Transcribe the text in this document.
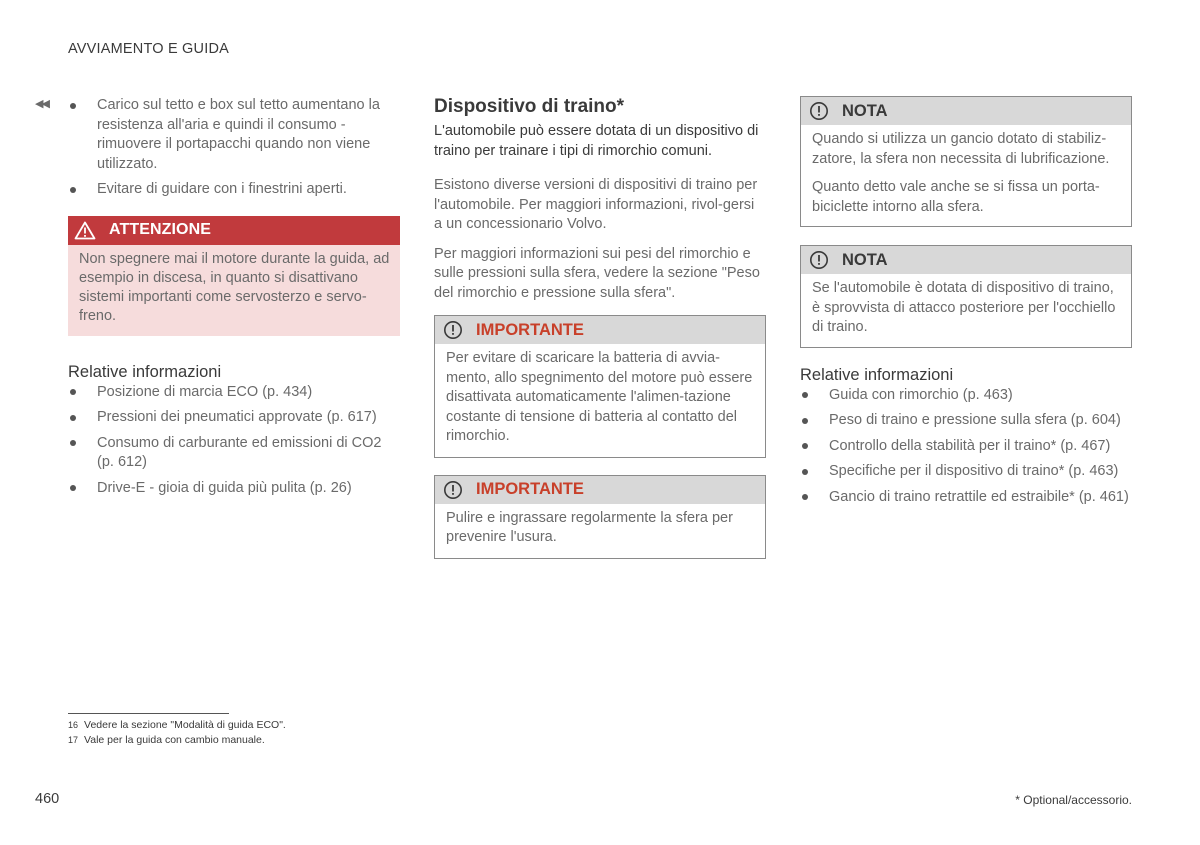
AVVIAMENTO E GUIDA
◀◀	Carico sul tetto e box sul tetto aumentano la resistenza all'aria e quindi il consumo - rimuovere il portapacchi quando non viene utilizzato.
Evitare di guidare con i finestrini aperti.
ATTENZIONE
Non spegnere mai il motore durante la guida, ad esempio in discesa, in quanto si disattivano sistemi importanti come servosterzo e servo-freno.
Relative informazioni
Posizione di marcia ECO (p. 434)
Pressioni dei pneumatici approvate (p. 617)
Consumo di carburante ed emissioni di CO2 (p. 612)
Drive-E - gioia di guida più pulita (p. 26)
Dispositivo di traino*

L'automobile può essere dotata di un dispositivo di traino per trainare i tipi di rimorchio comuni.

Esistono diverse versioni di dispositivi di traino per l'automobile. Per maggiori informazioni, rivol-gersi a un concessionario Volvo.

Per maggiori informazioni sui pesi del rimorchio e sulle pressioni sulla sfera, vedere la sezione "Peso del rimorchio e pressione sulla sfera".

IMPORTANTE
Per evitare di scaricare la batteria di avvia-mento, allo spegnimento del motore può essere disattivata automaticamente l'alimen-tazione costante di tensione di batteria al contatto del rimorchio.
IMPORTANTE
Pulire e ingrassare regolarmente la sfera per prevenire l'usura.
NOTA

Quando si utilizza un gancio dotato di stabiliz-zatore, la sfera non necessita di lubrificazione.

Quanto detto vale anche se si fissa un porta-biciclette intorno alla sfera.

NOTA

Se l'automobile è dotata di dispositivo di traino, è sprovvista di attacco posteriore per l'occhiello di traino.

Relative informazioni
Guida con rimorchio (p. 463)
Peso di traino e pressione sulla sfera (p. 604)
Controllo della stabilità per il traino* (p. 467)
Specifiche per il dispositivo di traino* (p. 463)
Gancio di traino retrattile ed estraibile* (p. 461)
$^{16}$ Vedere la sezione "Modalità di guida ECO".
$^{17}$ Vale per la guida con cambio manuale.
460	* Optional/accessorio.
